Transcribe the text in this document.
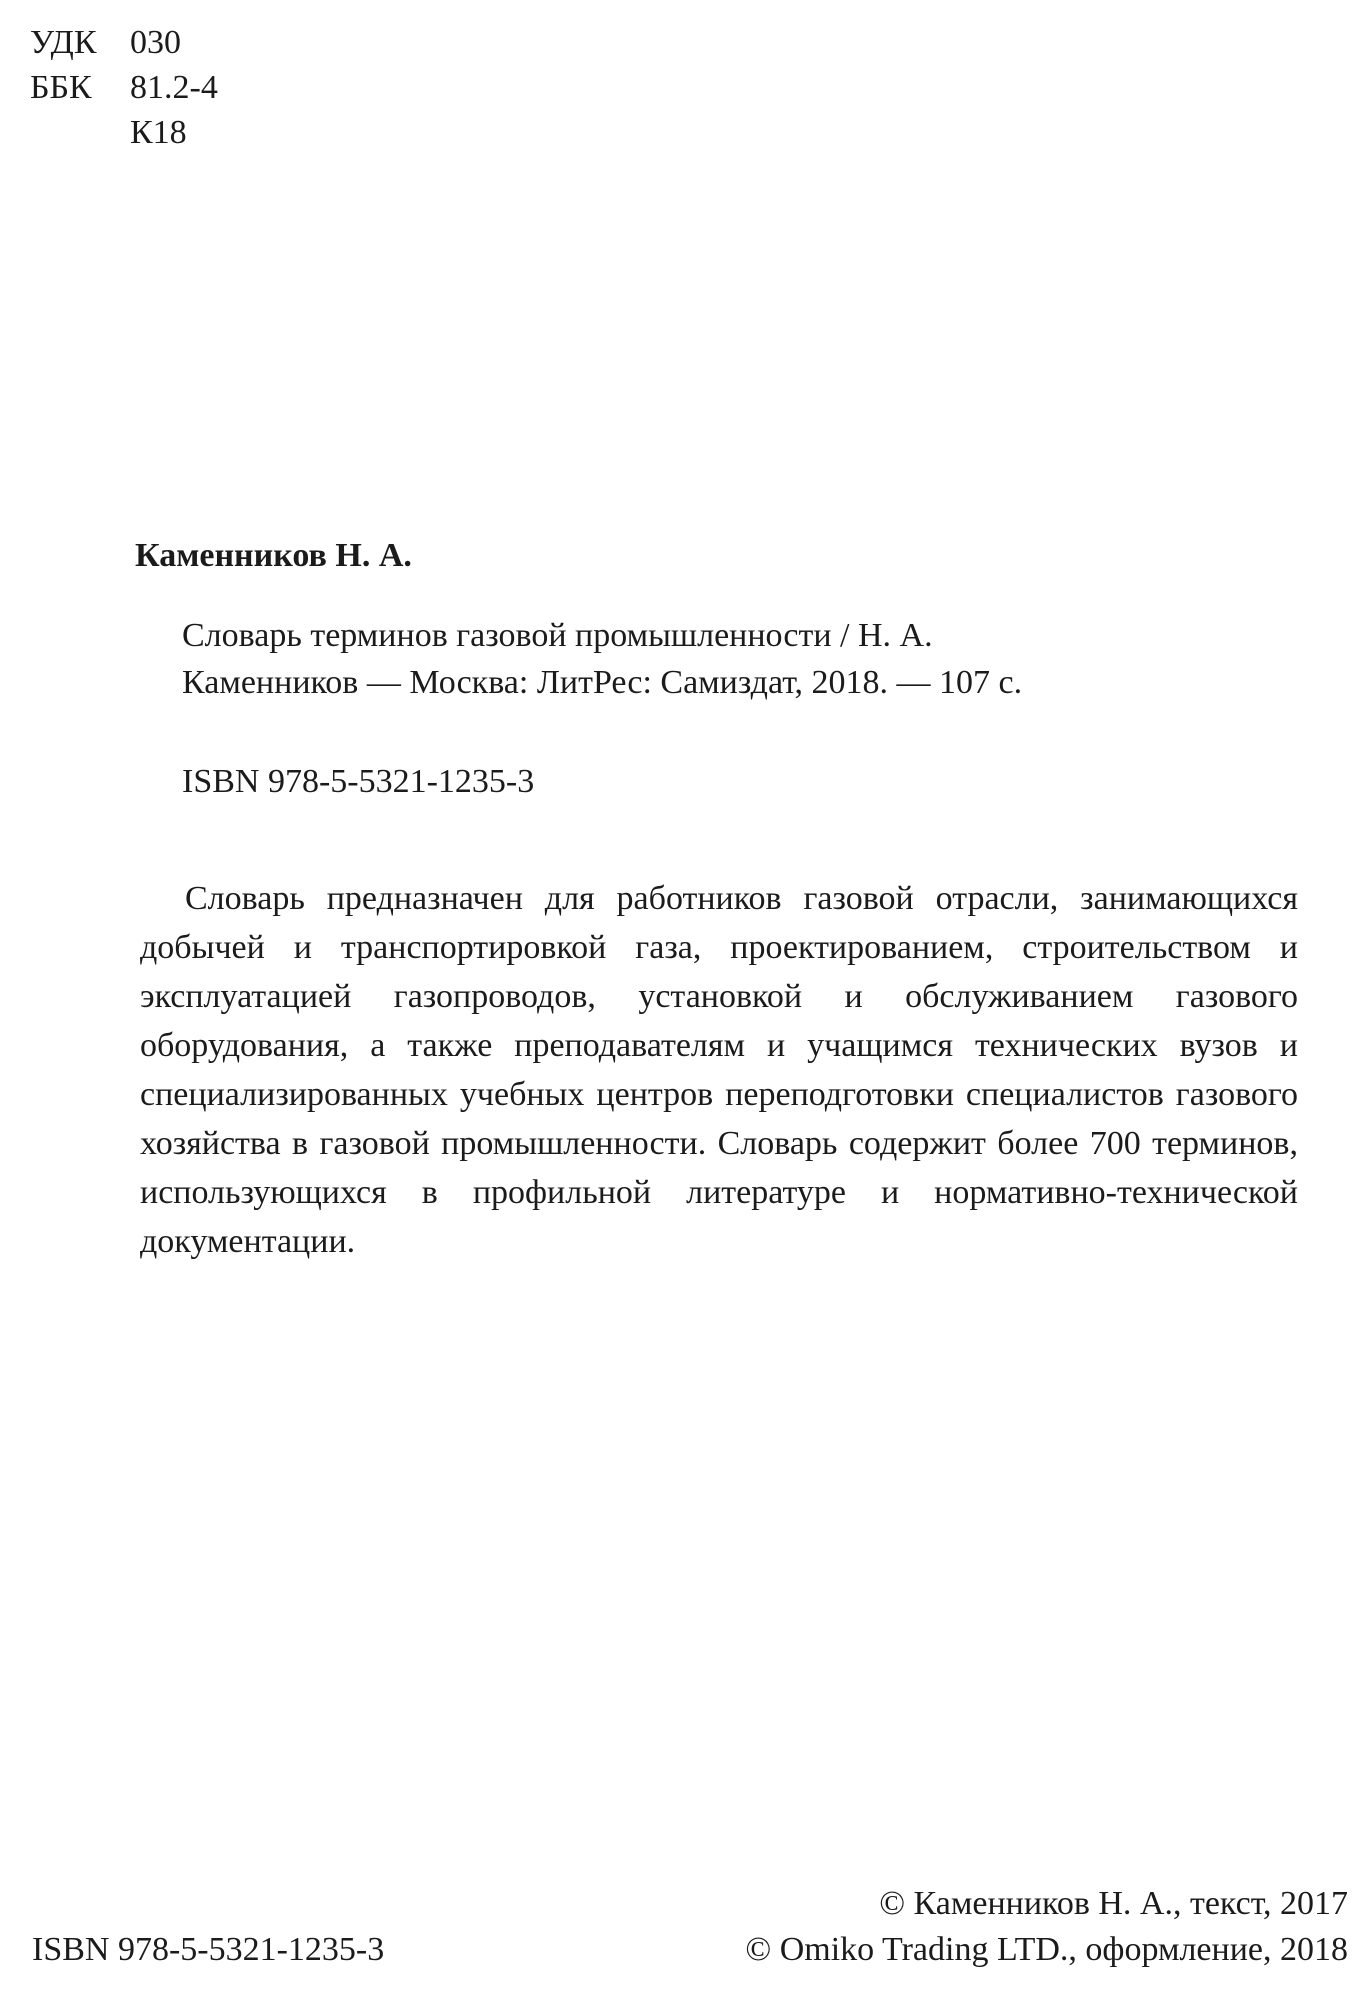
УДК 030
ББК	81.2-4
К18
Каменников Н. А.
Словарь терминов газовой промышленности / Н. А.
Каменников — Москва: ЛитРес: Самиздат, 2018. — 107 с.
ISBN 978-5-5321-1235-3
Словарь предназначен для работников газовой отрасли, занимающихся добычей и транспортировкой газа, проектированием, строительством и эксплуатацией газопроводов, установкой и обслуживанием газового оборудования, а также преподавателям и учащимся технических вузов и специализированных учебных центров переподготовки специалистов газового хозяйства в газовой промышленности. Словарь содержит более 700 терминов, использующихся в профильной литературе и нормативно-технической документации.
© Каменников Н. А., текст, 2017
ISBN 978-5-5321-1235-3	© Omiko Trading LTD., оформление, 2018
